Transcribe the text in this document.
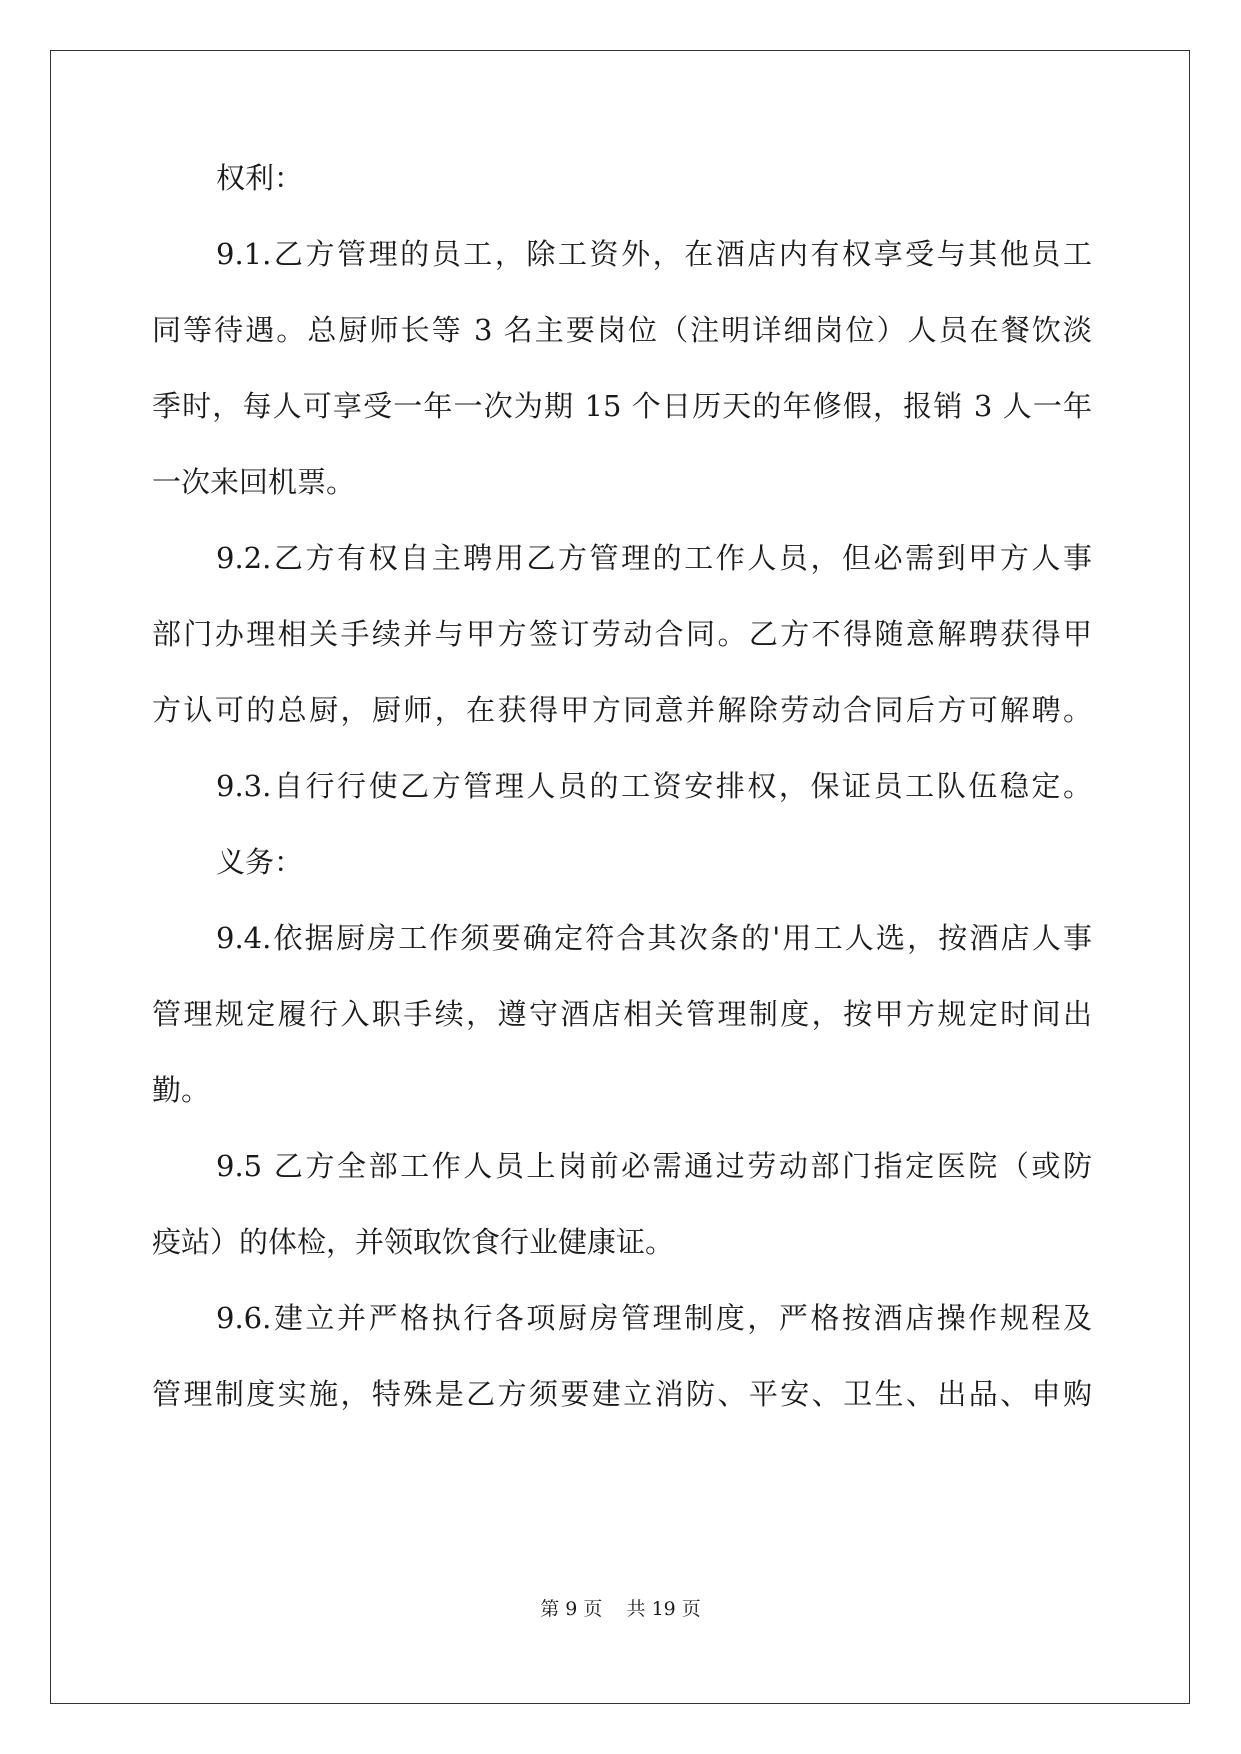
权利：
9.1.乙方管理的员工，除工资外，在酒店内有权享受与其他员工
同等待遇。总厨师长等 3 名主要岗位（注明详细岗位）人员在餐饮淡
季时，每人可享受一年一次为期 15 个日历天的年修假，报销 3 人一年
一次来回机票。
9.2.乙方有权自主聘用乙方管理的工作人员，但必需到甲方人事
部门办理相关手续并与甲方签订劳动合同。乙方不得随意解聘获得甲
方认可的总厨，厨师，在获得甲方同意并解除劳动合同后方可解聘。
9.3.自行行使乙方管理人员的工资安排权，保证员工队伍稳定。
义务：
9.4.依据厨房工作须要确定符合其次条的'用工人选，按酒店人事
管理规定履行入职手续，遵守酒店相关管理制度，按甲方规定时间出
勤。
9.5 乙方全部工作人员上岗前必需通过劳动部门指定医院（或防
疫站）的体检，并领取饮食行业健康证。
9.6.建立并严格执行各项厨房管理制度，严格按酒店操作规程及
管理制度实施，特殊是乙方须要建立消防、平安、卫生、出品、申购
第 9 页 共 19 页
